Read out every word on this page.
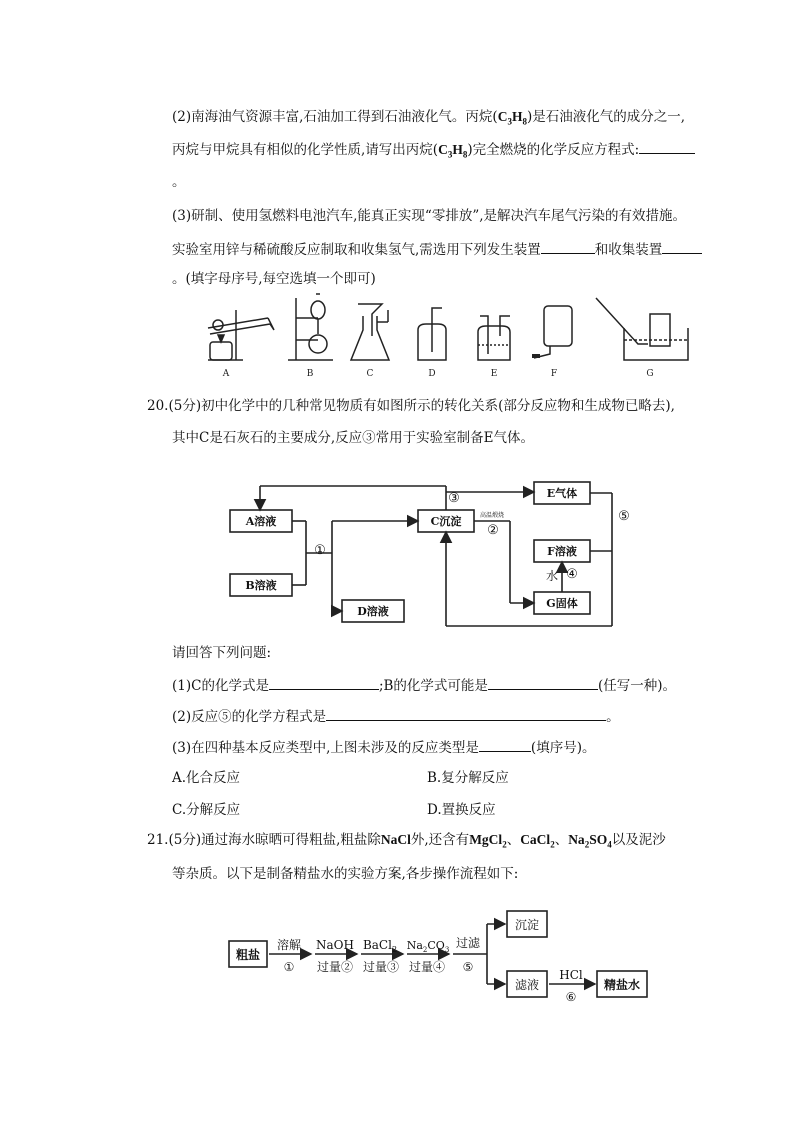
(2)南海油气资源丰富,石油加工得到石油液化气。丙烷$(C_3H_8)$是石油液化气的成分之一,
丙烷与甲烷具有相似的化学性质,请写出丙烷$(C_3H_8)$完全燃烧的化学反应方程式:
。
(3)研制、使用氢燃料电池汽车,能真正实现“零排放”,是解决汽车尾气污染的有效措施。
实验室用锌与稀硫酸反应制取和收集氢气,需选用下列发生装置	和收集装置
。(填字母序号,每空选填一个即可)
A	B	C	D	E	F	G
20.(5分)初中化学中的几种常见物质有如图所示的转化关系(部分反应物和生成物已略去),
其中C是石灰石的主要成分,反应③常用于实验室制备E气体。
A溶液
B溶液
C沉淀
D溶液
E气体
F溶液
G固体
①
②
③
④
⑤
水
高温煅烧
请回答下列问题:
(1)C的化学式是	;B的化学式可能是	(任写一种)。
(2)反应⑤的化学方程式是	。
(3)在四种基本反应类型中,上图未涉及的反应类型是	(填序号)。
A.化合反应	B.复分解反应
C.分解反应	D.置换反应
21.(5分)通过海水晾晒可得粗盐,粗盐除NaCl外,还含有MgCl$_2$、CaCl$_2$、$Na_2SO_4$以及泥沙
等杂质。以下是制备精盐水的实验方案,各步操作流程如下:
粗盐
溶解
①
NaOH
过量②
BaCl$_2$
过量③
$Na_2CO_3$
过量④
过滤
⑤
沉淀
滤液
HCl
⑥
精盐水
